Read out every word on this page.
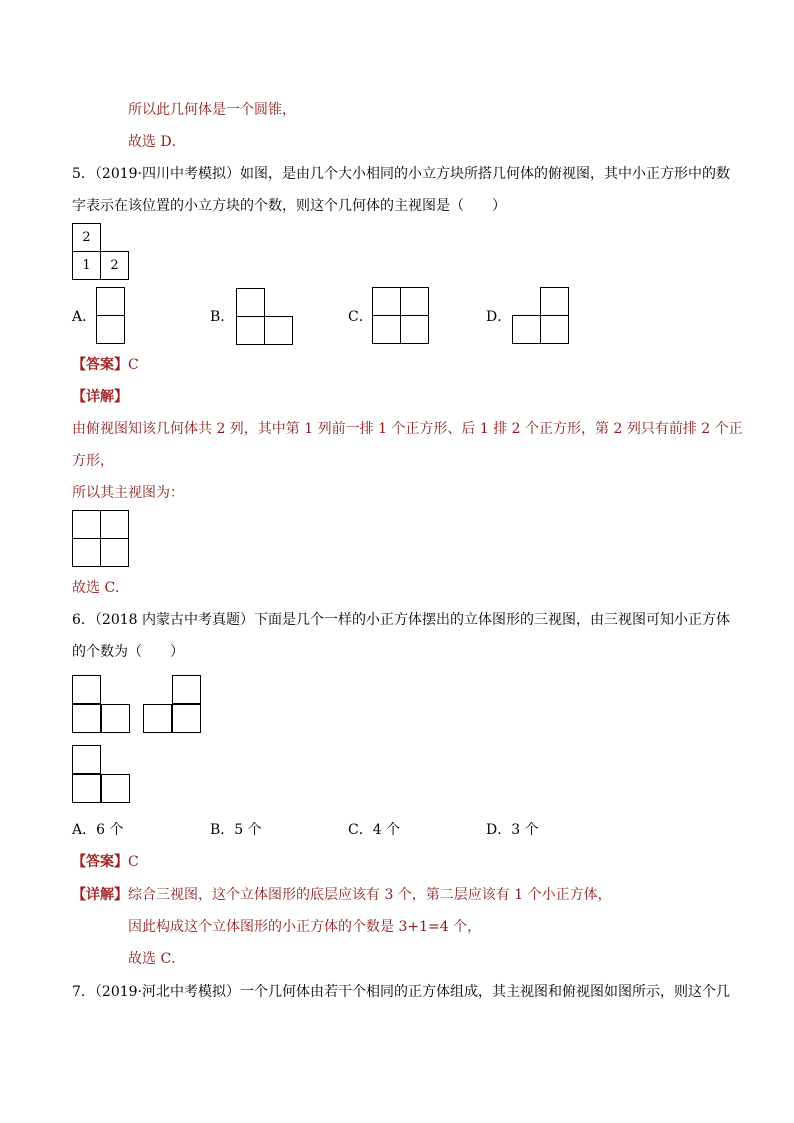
所以此几何体是一个圆锥，
故选 D．
5．（2019·四川中考模拟）如图，是由几个大小相同的小立方块所搭几何体的俯视图，其中小正方形中的数
字表示在该位置的小立方块的个数，则这个几何体的主视图是（　　）
2
1	2
A．	B．	C．	D．
【答案】C
【详解】
由俯视图知该几何体共 2 列，其中第 1 列前一排 1 个正方形、后 1 排 2 个正方形，第 2 列只有前排 2 个正
方形，
所以其主视图为：
故选 C．
6．（2018 内蒙古中考真题）下面是几个一样的小正方体摆出的立体图形的三视图，由三视图可知小正方体
的个数为（　　）
A．6 个	B．5 个	C．4 个	D．3 个
【答案】C
【详解】综合三视图，这个立体图形的底层应该有 3 个，第二层应该有 1 个小正方体，
因此构成这个立体图形的小正方体的个数是 3+1=4 个，
故选 C．
7．（2019·河北中考模拟）一个几何体由若干个相同的正方体组成，其主视图和俯视图如图所示，则这个几
